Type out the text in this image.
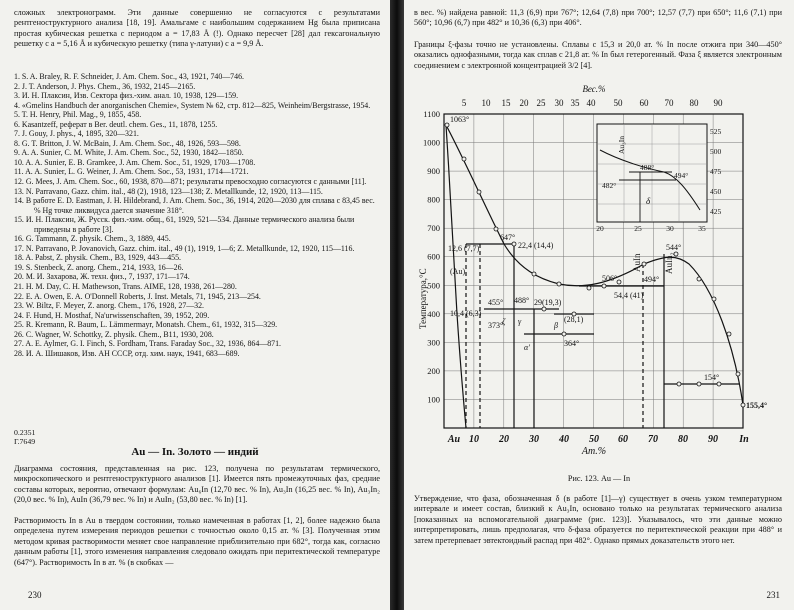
сложных электронограмм. Эти данные совершенно не согласуются с результатами рентгеноструктурного анализа [18, 19]. Амальгаме с наибольшим содержанием Hg была приписана простая кубическая решетка с периодом a = 17,83 Å (!). Однако пересчет [28] дал гексагональную решетку с a = 5,16 Å и кубическую решетку (типа γ-латуни) с a = 9,9 Å.
1. S. A. Braley, R. F. Schneider, J. Am. Chem. Soc., 43, 1921, 740—746.
2. J. T. Anderson, J. Phys. Chem., 36, 1932, 2145—2165.
3. И. Н. Плаксин, Изв. Сектора физ.-хим. анал. 10, 1938, 129—159.
4. «Gmelins Handbuch der anorganischen Chemie», System № 62, стр. 812—825, Weinheim/Bergstrasse, 1954.
5. T. H. Henry, Phil. Mag., 9, 1855, 458.
6. Kasantzeff, реферат в Ber. deutl. chem. Ges., 11, 1878, 1255.
7. J. Gouy, J. phys., 4, 1895, 320—321.
8. G. T. Britton, J. W. McBain, J. Am. Chem. Soc., 48, 1926, 593—598.
9. A. A. Sunier, C. M. White, J. Am. Chem. Soc., 52, 1930, 1842—1850.
10. A. A. Sunier, E. B. Gramkee, J. Am. Chem. Soc., 51, 1929, 1703—1708.
11. A. A. Sunier, L. G. Weiner, J. Am. Chem. Soc., 53, 1931, 1714—1721.
12. G. Mees, J. Am. Chem. Soc., 60, 1938, 870—871; результаты превосходно согласуются с данными [11].
13. N. Parravano, Gazz. chim. ital., 48 (2), 1918, 123—138; Z. Metallkunde, 12, 1920, 113—115.
14. В работе E. D. Eastman, J. H. Hildebrand, J. Am. Chem. Soc., 36, 1914, 2020—2030 для сплава с 83,45 вес. % Hg точке ликвидуса дается значение 318°.
15. И. Н. Плаксин, Ж. Русск. физ.-хим. общ., 61, 1929, 521—534. Данные термического анализа были приведены в работе [3].
16. G. Tammann, Z. physik. Chem., 3, 1889, 445.
17. N. Parravano, P. Jovanovich, Gazz. chim. ital., 49 (1), 1919, 1—6; Z. Metallkunde, 12, 1920, 115—116.
18. A. Pabst, Z. physik. Chem., B3, 1929, 443—455.
19. S. Stenbeck, Z. anorg. Chem., 214, 1933, 16—26.
20. M. И. Захарова, Ж. техн. физ., 7, 1937, 171—174.
21. H. M. Day, C. H. Mathewson, Trans. AIME, 128, 1938, 261—280.
22. E. A. Owen, E. A. O'Donnell Roberts, J. Inst. Metals, 71, 1945, 213—254.
23. W. Biltz, F. Meyer, Z. anorg. Chem., 176, 1928, 27—32.
24. F. Hund, H. Mosthaf, Na'urwissenschaften, 39, 1952, 209.
25. R. Kremann, R. Baum, L. Lämmermayr, Monatsh. Chem., 61, 1932, 315—329.
26. C. Wagner, W. Schottky, Z. physik. Chem., B11, 1930, 208.
27. A. E. Aylmer, G. I. Finch, S. Fordham, Trans. Faraday Soc., 32, 1936, 864—871.
28. И. А. Шишаков, Изв. АН СССР, отд. хим. наук, 1941, 683—689.
0.2351
Γ.7649
Au — In. Золото — индий
Диаграмма состояния, представленная на рис. 123, получена по результатам термического, микроскопического и рентгеноструктурного анализов [1]. Имеется пять промежуточных фаз, средние составы которых, вероятно, отвечают формулам: Au₆In (12,70 вес. % In), Au₃In (16,25 вес. % In), Au₃In₂ (20,0 вес. % In), AuIn (36,79 вес. % In) и AuIn₂ (53,80 вес. % In) [1].
Растворимость In в Au в твердом состоянии, только намеченная в работах [1, 2], более надежно была определена путем измерения периодов решетки с точностью около 0,15 ат. % [3]. Полученная этим методом кривая растворимости меняет свое направление приблизительно при 682°, тогда как, согласно данным работы [1], этого изменения направления следовало ожидать при перитектической температуре (647°). Растворимость In в ат. % (в скобках —
230
в вес. %) найдена равной: 11,3 (6,9) при 767°; 12,64 (7,8) при 700°; 12,57 (7,7) при 650°; 11,6 (7,1) при 560°; 10,96 (6,7) при 482° и 10,36 (6,3) при 406°.
Границы ξ-фазы точно не установлены. Сплавы с 15,3 и 20,0 ат. % In после отжига при 340—450° оказались однофазными, тогда как сплав с 21,8 ат. % In был гетерогенный. Фаза ξ является электронным соединением с электронной концентрацией 3/2 [4].
Рис. 123. Au — In
Утверждение, что фаза, обозначенная δ (в работе [1]—γ) существует в очень узком температурном интервале и имеет состав, близкий к Au₃In, основано только на результатах термического анализа [показанных на вспомогательной диаграмме (рис. 123)]. Указывалось, что эти данные можно интерпретировать, лишь предполагая, что δ-фаза образуется по перитектической реакции при 488° и затем претерпевает эвтектоидный распад при 482°. Однако прямых доказательств этого нет.
231
Вес.%
5 10 15 20 25 30 35 40 50 60 70 80 90
1100
1000
900
800
700
600
500
400
300
200
100
Au 10 20 30 40 50 60 70 80 90 In
Ат.%
Температура,°С
1063°
647°
22,4 (14,4)
12,6 (7,7)
(Au)
10,4 (6,3)
455° 488°
373°
506°
29(19,3)
(28,1)
364°
54,4 (41)
494°
544°
155,4°
154°
AuIn AuIn₂
ζ γ	β
α'
Au₃In
δ
482°
488°
494°
525
500
475
450
425
20	25	30	35
